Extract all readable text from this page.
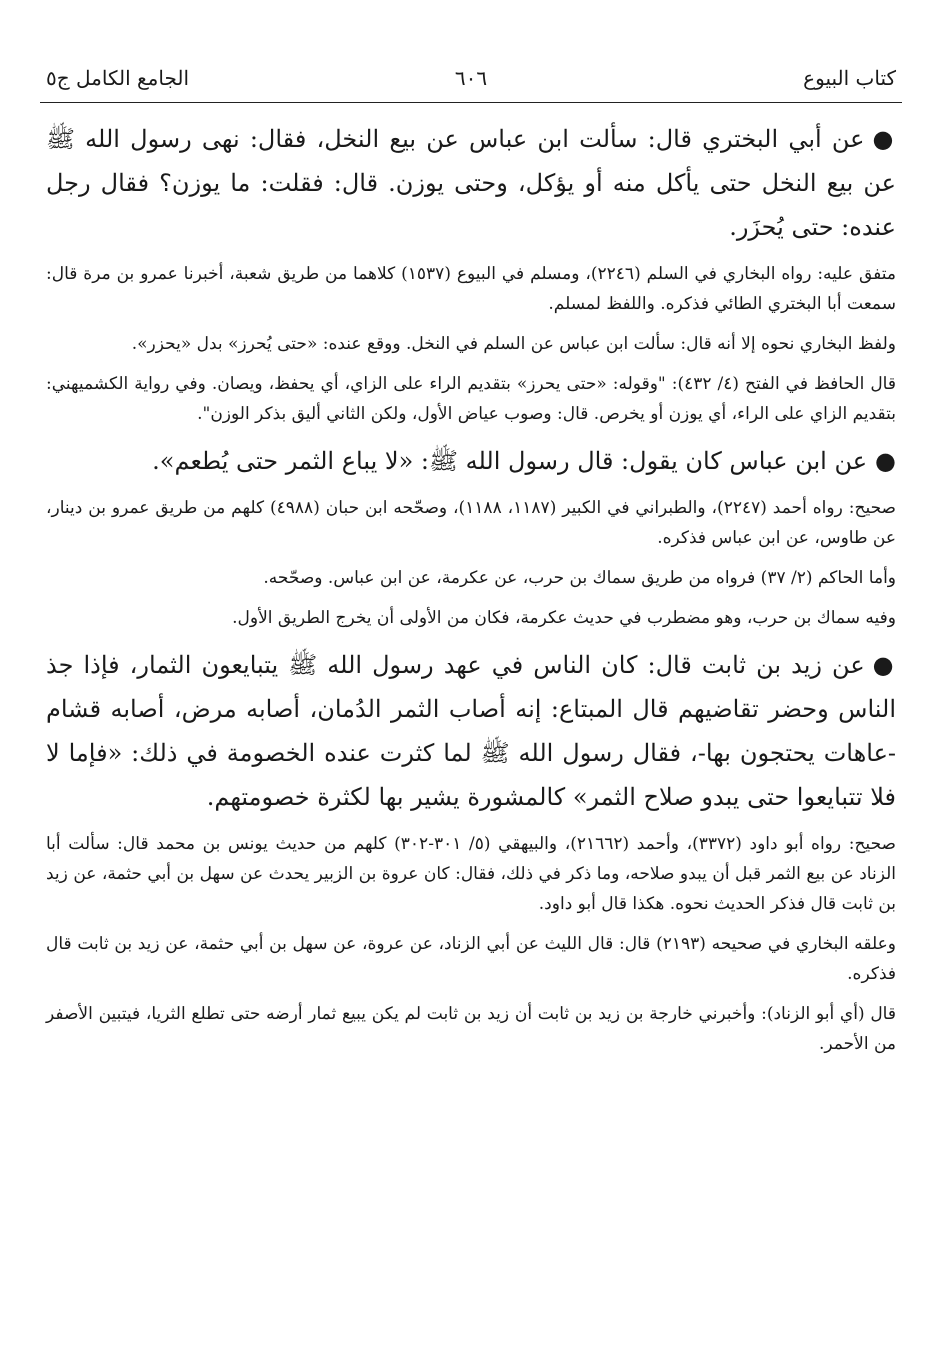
كتاب البيوع
٦٠٦
الجامع الكامل ج٥

●عن أبي البختري قال: سألت ابن عباس عن بيع النخل، فقال: نهى رسول الله ﷺ عن بيع النخل حتى يأكل منه أو يؤكل، وحتى يوزن. قال: فقلت: ما يوزن؟ فقال رجل عنده: حتى يُحزَر.

متفق عليه: رواه البخاري في السلم (٢٢٤٦)، ومسلم في البيوع (١٥٣٧) كلاهما من طريق شعبة، أخبرنا عمرو بن مرة قال: سمعت أبا البختري الطائي فذكره. واللفظ لمسلم.

ولفظ البخاري نحوه إلا أنه قال: سألت ابن عباس عن السلم في النخل. ووقع عنده: «حتى يُحرز» بدل «يحزر».

قال الحافظ في الفتح (٤/ ٤٣٢): "وقوله: «حتى يحرز» بتقديم الراء على الزاي، أي يحفظ، ويصان. وفي رواية الكشميهني: بتقديم الزاي على الراء، أي يوزن أو يخرص. قال: وصوب عياض الأول، ولكن الثاني أليق بذكر الوزن".

●عن ابن عباس كان يقول: قال رسول الله ﷺ: «لا يباع الثمر حتى يُطعم».

صحيح: رواه أحمد (٢٢٤٧)، والطبراني في الكبير (١١٨٧، ١١٨٨)، وصحّحه ابن حبان (٤٩٨٨) كلهم من طريق عمرو بن دينار، عن طاوس، عن ابن عباس فذكره.

وأما الحاكم (٢/ ٣٧) فرواه من طريق سماك بن حرب، عن عكرمة، عن ابن عباس. وصحّحه.

وفيه سماك بن حرب، وهو مضطرب في حديث عكرمة، فكان من الأولى أن يخرج الطريق الأول.

●عن زيد بن ثابت قال: كان الناس في عهد رسول الله ﷺ يتبايعون الثمار، فإذا جذ الناس وحضر تقاضيهم قال المبتاع: إنه أصاب الثمر الدُمان، أصابه مرض، أصابه قشام -عاهات يحتجون بها-، فقال رسول الله ﷺ لما كثرت عنده الخصومة في ذلك: «فإما لا فلا تتبايعوا حتى يبدو صلاح الثمر» كالمشورة يشير بها لكثرة خصومتهم.

صحيح: رواه أبو داود (٣٣٧٢)، وأحمد (٢١٦٦٢)، والبيهقي (٥/ ٣٠١-٣٠٢) كلهم من حديث يونس بن محمد قال: سألت أبا الزناد عن بيع الثمر قبل أن يبدو صلاحه، وما ذكر في ذلك، فقال: كان عروة بن الزبير يحدث عن سهل بن أبي حثمة، عن زيد بن ثابت قال فذكر الحديث نحوه. هكذا قال أبو داود.

وعلقه البخاري في صحيحه (٢١٩٣) قال: قال الليث عن أبي الزناد، عن عروة، عن سهل بن أبي حثمة، عن زيد بن ثابت قال فذكره.

قال (أي أبو الزناد): وأخبرني خارجة بن زيد بن ثابت أن زيد بن ثابت لم يكن يبيع ثمار أرضه حتى تطلع الثريا، فيتبين الأصفر من الأحمر.
